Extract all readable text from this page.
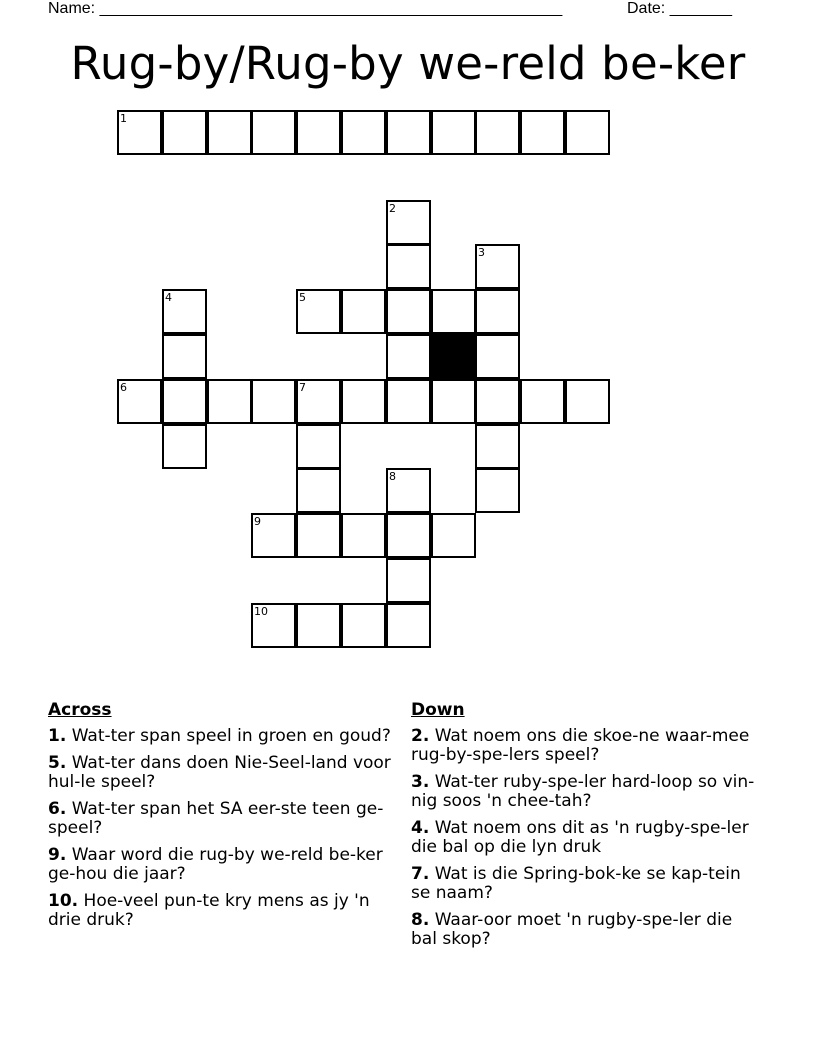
Name: ____________________________________________________	Date: _______
Rug-by/Rug-by we-reld be-ker
1
2
3
4	5
6	7
8
9
10
Across
1. Wat-ter span speel in groen en goud?
5. Wat-ter dans doen Nie-Seel-land voor hul-le speel?
6. Wat-ter span het SA eer-ste teen ge-speel?
9. Waar word die rug-by we-reld be-ker ge-hou die jaar?
10. Hoe-veel pun-te kry mens as jy 'n drie druk?
Down
2. Wat noem ons die skoe-ne waar-mee rug-by-spe-lers speel?
3. Wat-ter ruby-spe-ler hard-loop so vin-nig soos 'n chee-tah?
4. Wat noem ons dit as 'n rugby-spe-ler die bal op die lyn druk
7. Wat is die Spring-bok-ke se kap-tein se naam?
8. Waar-oor moet 'n rugby-spe-ler die bal skop?
